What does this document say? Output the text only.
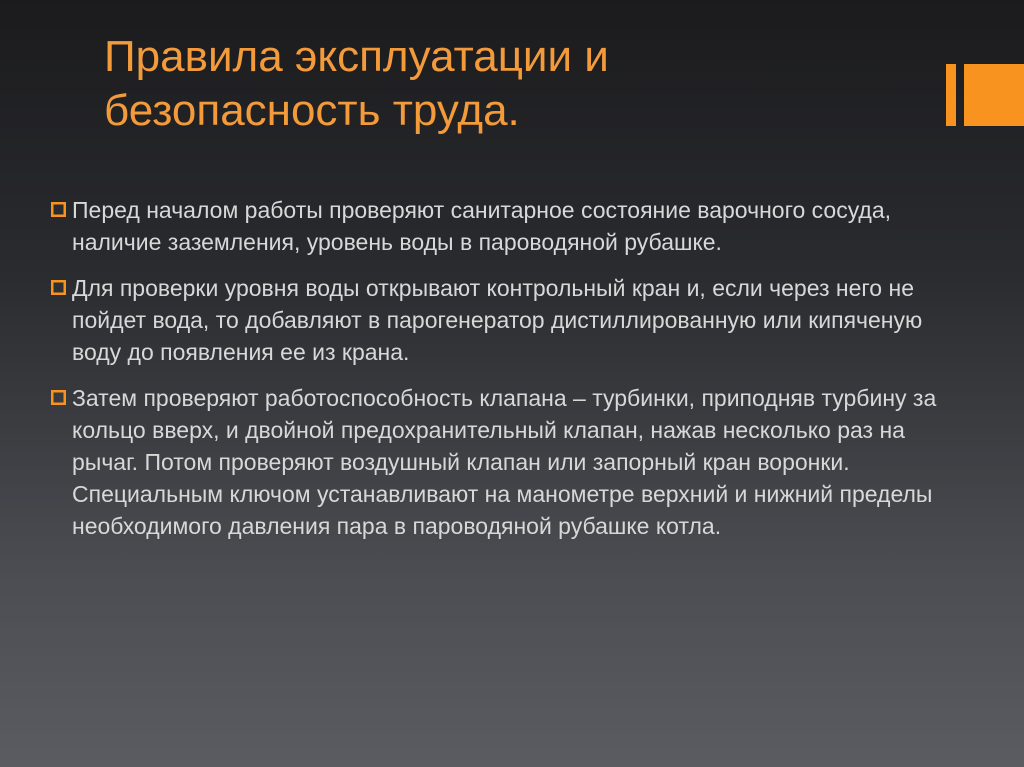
Правила эксплуатации и безопасность труда.
Перед началом работы проверяют санитарное состояние варочного сосуда, наличие заземления, уровень воды в пароводяной рубашке.
Для проверки уровня воды открывают контрольный кран и, если через него не пойдет вода, то добавляют в парогенератор дистиллированную или кипяченую воду до появления ее из крана.
Затем проверяют работоспособность клапана – турбинки, приподняв турбину за кольцо вверх, и двойной предохранительный клапан, нажав несколько раз на рычаг. Потом проверяют воздушный клапан или запорный кран воронки. Специальным ключом устанавливают на манометре верхний и нижний пределы необходимого давления пара в пароводяной рубашке котла.
